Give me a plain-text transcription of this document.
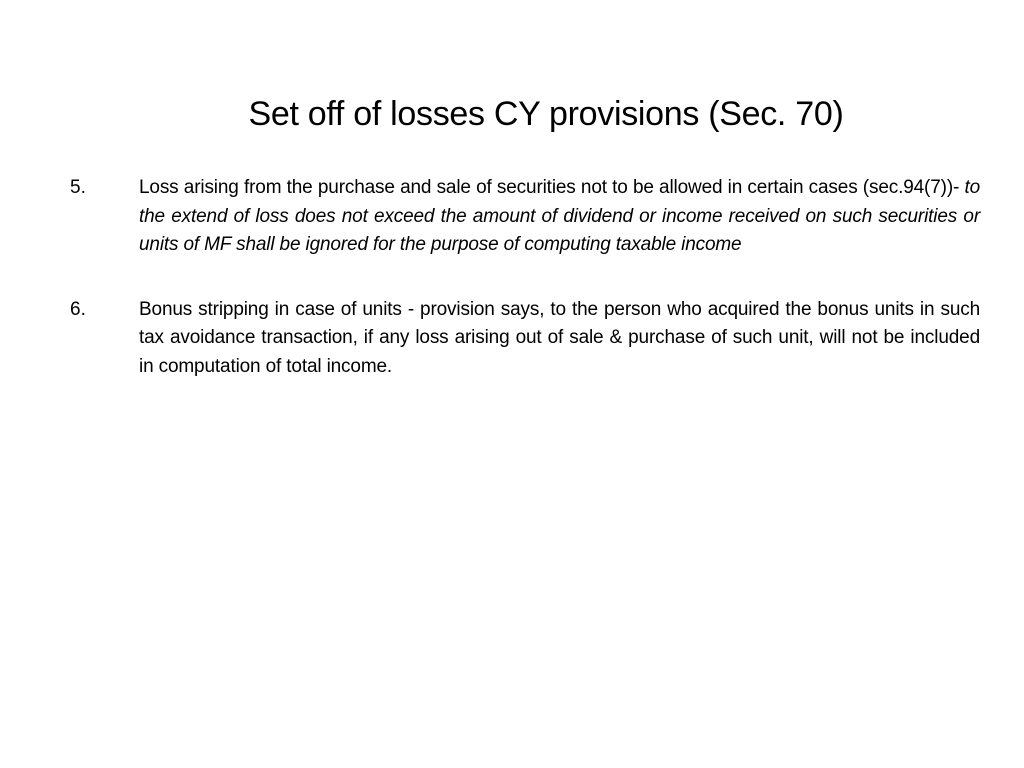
Set off of losses CY provisions (Sec. 70)
5.	Loss arising from the purchase and sale of securities not to be allowed in certain cases (sec.94(7))- to the extend of loss does not exceed the amount of dividend or income received on such securities or units of MF shall be ignored for the purpose of computing taxable income
6.	Bonus stripping in case of units - provision says, to the person who acquired the bonus units in such tax avoidance transaction, if any loss arising out of sale & purchase of such unit, will not be included in computation of total income.
